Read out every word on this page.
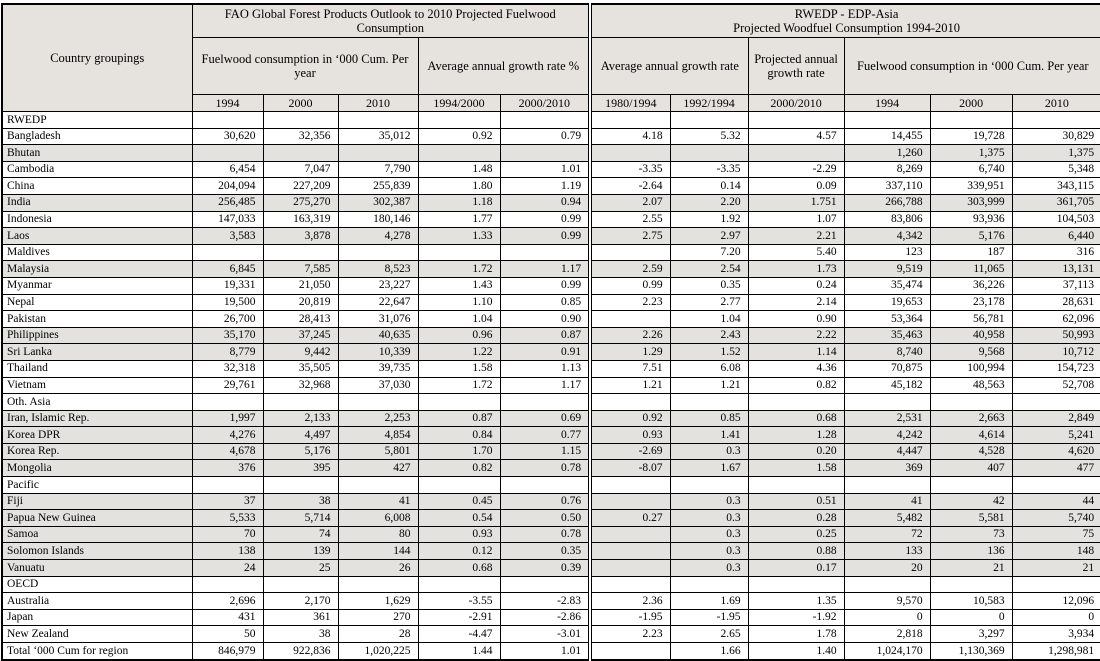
Country groupings	FAO Global Forest Products Outlook to 2010 Projected Fuelwood Consumption					RWEDP - EDP-Asia
Projected Woodfuel Consumption 1994-2010					

	Fuelwood consumption in ‘000 Cum. Per year			Average annual growth rate %		Average annual growth rate		Projected annual growth rate	Fuelwood consumption in ‘000 Cum. Per year		
	1994	2000	2010	1994/2000	2000/2010	1980/1994	1992/1994	2000/2010	1994	2000	2010
RWEDP											
Bangladesh	30,620	32,356	35,012	0.92	0.79	4.18	5.32	4.57	14,455	19,728	30,829
Bhutan									1,260	1,375	1,375
Cambodia	6,454	7,047	7,790	1.48	1.01	-3.35	-3.35	-2.29	8,269	6,740	5,348
China	204,094	227,209	255,839	1.80	1.19	-2.64	0.14	0.09	337,110	339,951	343,115
India	256,485	275,270	302,387	1.18	0.94	2.07	2.20	1.751	266,788	303,999	361,705
Indonesia	147,033	163,319	180,146	1.77	0.99	2.55	1.92	1.07	83,806	93,936	104,503
Laos	3,583	3,878	4,278	1.33	0.99	2.75	2.97	2.21	4,342	5,176	6,440
Maldives							7.20	5.40	123	187	316
Malaysia	6,845	7,585	8,523	1.72	1.17	2.59	2.54	1.73	9,519	11,065	13,131
Myanmar	19,331	21,050	23,227	1.43	0.99	0.99	0.35	0.24	35,474	36,226	37,113
Nepal	19,500	20,819	22,647	1.10	0.85	2.23	2.77	2.14	19,653	23,178	28,631
Pakistan	26,700	28,413	31,076	1.04	0.90		1.04	0.90	53,364	56,781	62,096
Philippines	35,170	37,245	40,635	0.96	0.87	2.26	2.43	2.22	35,463	40,958	50,993
Sri Lanka	8,779	9,442	10,339	1.22	0.91	1.29	1.52	1.14	8,740	9,568	10,712
Thailand	32,318	35,505	39,735	1.58	1.13	7.51	6.08	4.36	70,875	100,994	154,723
Vietnam	29,761	32,968	37,030	1.72	1.17	1.21	1.21	0.82	45,182	48,563	52,708
Oth. Asia											
Iran, Islamic Rep.	1,997	2,133	2,253	0.87	0.69	0.92	0.85	0.68	2,531	2,663	2,849
Korea DPR	4,276	4,497	4,854	0.84	0.77	0.93	1.41	1.28	4,242	4,614	5,241
Korea Rep.	4,678	5,176	5,801	1.70	1.15	-2.69	0.3	0.20	4,447	4,528	4,620
Mongolia	376	395	427	0.82	0.78	-8.07	1.67	1.58	369	407	477
Pacific											
Fiji	37	38	41	0.45	0.76		0.3	0.51	41	42	44
Papua New Guinea	5,533	5,714	6,008	0.54	0.50	0.27	0.3	0.28	5,482	5,581	5,740
Samoa	70	74	80	0.93	0.78		0.3	0.25	72	73	75
Solomon Islands	138	139	144	0.12	0.35		0.3	0.88	133	136	148
Vanuatu	24	25	26	0.68	0.39		0.3	0.17	20	21	21
OECD											
Australia	2,696	2,170	1,629	-3.55	-2.83	2.36	1.69	1.35	9,570	10,583	12,096
Japan	431	361	270	-2.91	-2.86	-1.95	-1.95	-1.92	0	0	0
New Zealand	50	38	28	-4.47	-3.01	2.23	2.65	1.78	2,818	3,297	3,934
Total ‘000 Cum for region	846,979	922,836	1,020,225	1.44	1.01		1.66	1.40	1,024,170	1,130,369	1,298,981
